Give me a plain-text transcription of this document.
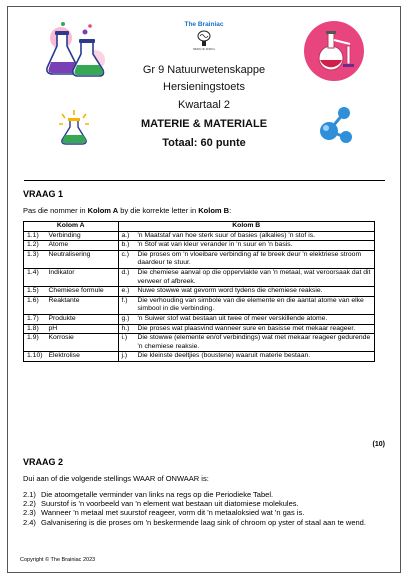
The Brainiac
BRAIN OF AFRICA
Gr 9 Natuurwetenskappe
Hersieningstoets
Kwartaal 2
MATERIE & MATERIALE
Totaal: 60 punte
VRAAG 1
Pas die nommer in Kolom A by die korrekte letter in Kolom B:
Kolom A		Kolom B	
1.1)	Verbinding	a.)	'n Maatstaf van hoe sterk suur of basies (alkalies) 'n stof is.
1.2)	Atome	b.)	'n Stof wat van kleur verander in 'n suur en 'n basis.
1.3)	Neutralisering	c.)	Die proses om 'n vloeibare verbinding af te breek deur 'n elektriese stroom daardeur te stuur.
1.4)	Indikator	d.)	Die chemiese aanval op die oppervlakte van 'n metaal, wat veroorsaak dat dit verweer of afbreek.
1.5)	Chemiese formule	e.)	Nuwe stowwe wat gevorm word tydens die chemiese reaksie.
1.6)	Reaktante	f.)	Die verhouding van simbole van die elemente en die aantal atome van elke simbool in die verbinding.
1.7)	Produkte	g.)	'n Suiwer stof wat bestaan uit twee of meer verskillende atome.
1.8)	pH	h.)	Die proses wat plaasvind wanneer sure en basisse met mekaar reageer.
1.9)	Korrosie	i.)	Die stowwe (elemente en/of verbindings) wat met mekaar reageer gedurende 'n chemiese reaksie.
1.10)	Elektrolise	j.)	Die kleinste deeltjies (boustene) waaruit materie bestaan.
(10)
VRAAG 2
Dui aan of die volgende stellings WAAR of ONWAAR is:
2.1) Die atoomgetalle verminder van links na regs op die Periodieke Tabel.
2.2) Suurstof is 'n voorbeeld van 'n element wat bestaan uit diatomiese molekules.
2.3) Wanneer 'n metaal met suurstof reageer, vorm dit 'n metaaloksied wat 'n gas is.
2.4) Galvanisering is die proses om 'n beskermende laag sink of chroom op yster of staal aan te wend.
Copyright © The Brainiac 2023
